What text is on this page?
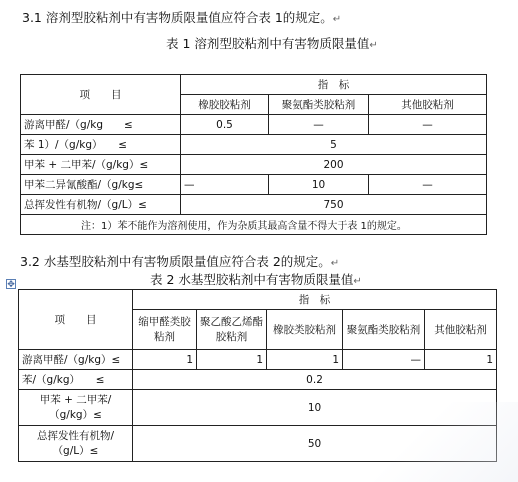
3.1 溶剂型胶粘剂中有害物质限量值应符合表 1的规定。↵
表 1 溶剂型胶粘剂中有害物质限量值↵
项　　目	指　标		
	橡胶胶粘剂	聚氨酯类胶粘剂	其他胶粘剂
游离甲醛/（g/kg　　≤	0.5	—	—
苯 1）/（g/kg）　　≤	5		
甲苯 + 二甲苯/（g/kg）≤	200		
甲苯二异氰酸酯/（g/kg≤	—	10	—
总挥发性有机物/（g/L）≤	750		
注：1）苯不能作为溶剂使用，作为杂质其最高含量不得大于表 1的规定。			
3.2 水基型胶粘剂中有害物质限量值应符合表 2的规定。↵
✥	表 2 水基型胶粘剂中有害物质限量值↵
项　　目	指　标				
	缩甲醛类胶粘剂	聚乙酸乙烯酯胶粘剂	橡胶类胶粘剂	聚氨酯类胶粘剂	其他胶粘剂
游离甲醛/（g/kg）≤	1	1	1	—	1
苯/（g/kg）　　≤	0.2				
甲苯 + 二甲苯/（g/kg）≤	10				
总挥发性有机物/（g/L）≤	50				
